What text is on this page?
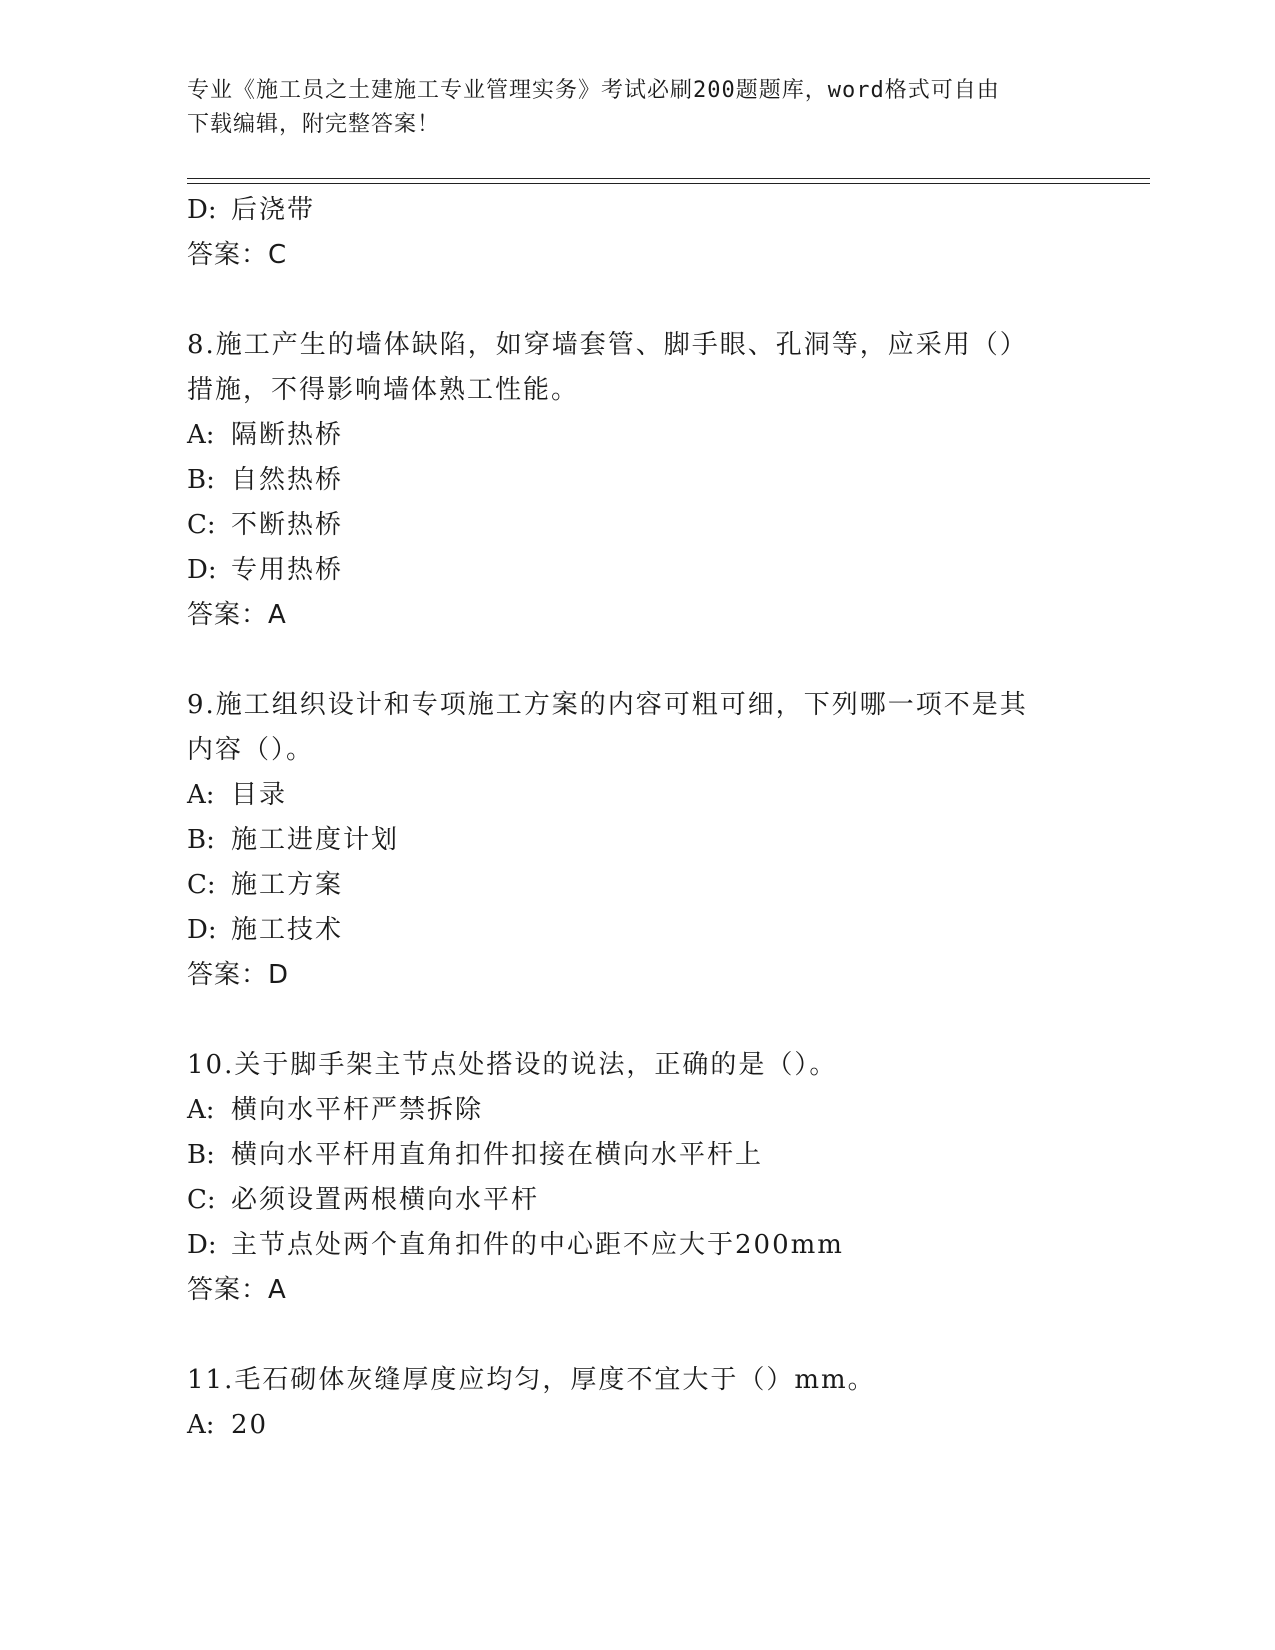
专业《施工员之土建施工专业管理实务》考试必刷200题题库，word格式可自由
下载编辑，附完整答案！
D: 后浇带
答案：C
8.施工产生的墙体缺陷，如穿墙套管、脚手眼、孔洞等，应采用（）
措施，不得影响墙体熟工性能。
A: 隔断热桥
B: 自然热桥
C: 不断热桥
D: 专用热桥
答案：A
9.施工组织设计和专项施工方案的内容可粗可细，下列哪一项不是其
内容（）。
A: 目录
B: 施工进度计划
C: 施工方案
D: 施工技术
答案：D
10.关于脚手架主节点处搭设的说法，正确的是（）。
A: 横向水平杆严禁拆除
B: 横向水平杆用直角扣件扣接在横向水平杆上
C: 必须设置两根横向水平杆
D: 主节点处两个直角扣件的中心距不应大于200mm
答案：A
11.毛石砌体灰缝厚度应均匀，厚度不宜大于（）mm。
A: 20
